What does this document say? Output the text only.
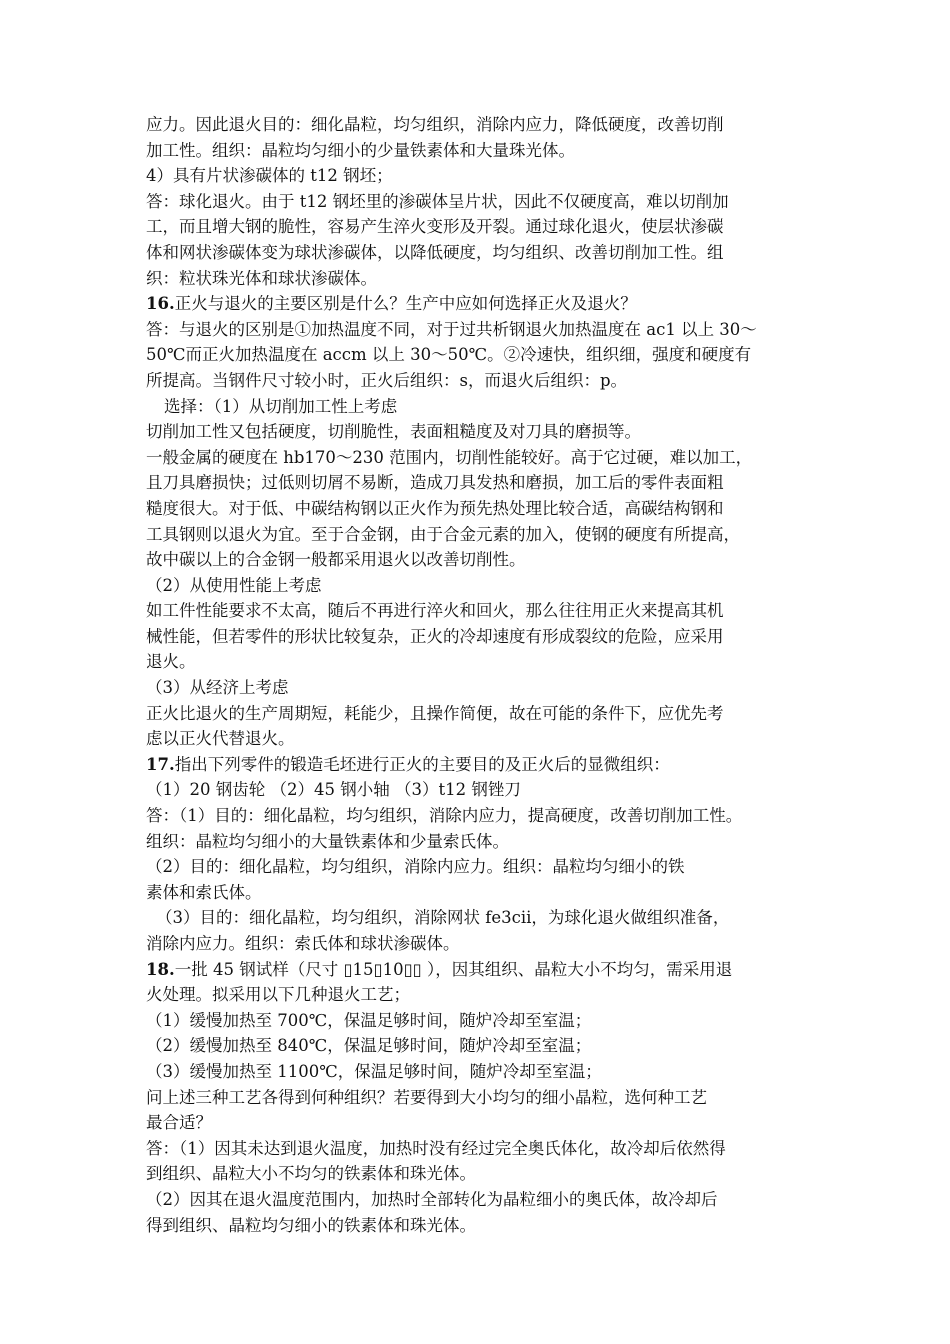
应力。因此退火目的：细化晶粒，均匀组织，消除内应力，降低硬度，改善切削
加工性。组织：晶粒均匀细小的少量铁素体和大量珠光体。
4）具有片状渗碳体的 t12 钢坯；
答：球化退火。由于 t12 钢坯里的渗碳体呈片状，因此不仅硬度高，难以切削加
工，而且增大钢的脆性，容易产生淬火变形及开裂。通过球化退火，使层状渗碳
体和网状渗碳体变为球状渗碳体，以降低硬度，均匀组织、改善切削加工性。组
织：粒状珠光体和球状渗碳体。
16.正火与退火的主要区别是什么？生产中应如何选择正火及退火？
答：与退火的区别是①加热温度不同，对于过共析钢退火加热温度在 ac1 以上 30～
50℃而正火加热温度在 accm 以上 30～50℃。②冷速快，组织细，强度和硬度有
所提高。当钢件尺寸较小时，正火后组织：s，而退火后组织：p。
选择：（1）从切削加工性上考虑
切削加工性又包括硬度，切削脆性，表面粗糙度及对刀具的磨损等。
一般金属的硬度在 hb170～230 范围内，切削性能较好。高于它过硬，难以加工，
且刀具磨损快；过低则切屑不易断，造成刀具发热和磨损，加工后的零件表面粗
糙度很大。对于低、中碳结构钢以正火作为预先热处理比较合适，高碳结构钢和
工具钢则以退火为宜。至于合金钢，由于合金元素的加入，使钢的硬度有所提高，
故中碳以上的合金钢一般都采用退火以改善切削性。
（2）从使用性能上考虑
如工件性能要求不太高，随后不再进行淬火和回火，那么往往用正火来提高其机
械性能，但若零件的形状比较复杂，正火的冷却速度有形成裂纹的危险，应采用
退火。
（3）从经济上考虑
正火比退火的生产周期短，耗能少，且操作简便，故在可能的条件下，应优先考
虑以正火代替退火。
17.指出下列零件的锻造毛坯进行正火的主要目的及正火后的显微组织：
（1）20 钢齿轮 （2）45 钢小轴 （3）t12 钢锉刀
答：（1）目的：细化晶粒，均匀组织，消除内应力，提高硬度，改善切削加工性。
组织：晶粒均匀细小的大量铁素体和少量索氏体。
（2）目的：细化晶粒，均匀组织，消除内应力。组织：晶粒均匀细小的铁
素体和索氏体。
（3）目的：细化晶粒，均匀组织，消除网状 fe3cⅱ，为球化退火做组织准备，
消除内应力。组织：索氏体和球状渗碳体。
18.一批 45 钢试样（尺寸 ▯15▯10▯▯ ），因其组织、晶粒大小不均匀，需采用退
火处理。拟采用以下几种退火工艺；
（1）缓慢加热至 700℃，保温足够时间，随炉冷却至室温；
（2）缓慢加热至 840℃，保温足够时间，随炉冷却至室温；
（3）缓慢加热至 1100℃，保温足够时间，随炉冷却至室温；
问上述三种工艺各得到何种组织？若要得到大小均匀的细小晶粒，选何种工艺
最合适？
答：（1）因其未达到退火温度，加热时没有经过完全奥氏体化，故冷却后依然得
到组织、晶粒大小不均匀的铁素体和珠光体。
（2）因其在退火温度范围内，加热时全部转化为晶粒细小的奥氏体，故冷却后
得到组织、晶粒均匀细小的铁素体和珠光体。
